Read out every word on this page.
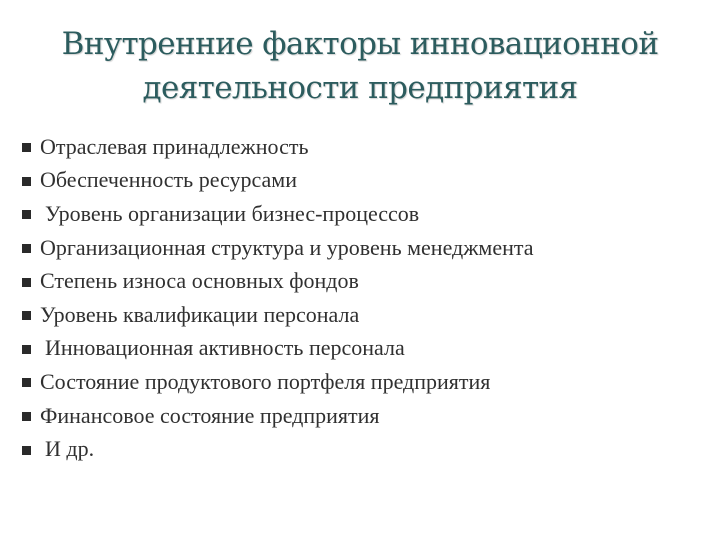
Внутренние факторы инновационной
деятельности предприятия
Отраслевая принадлежность
Обеспеченность ресурсами
Уровень организации бизнес-процессов
Организационная структура и уровень менеджмента
Степень износа основных фондов
Уровень квалификации персонала
Инновационная активность персонала
Состояние продуктового портфеля предприятия
Финансовое состояние предприятия
И др.
